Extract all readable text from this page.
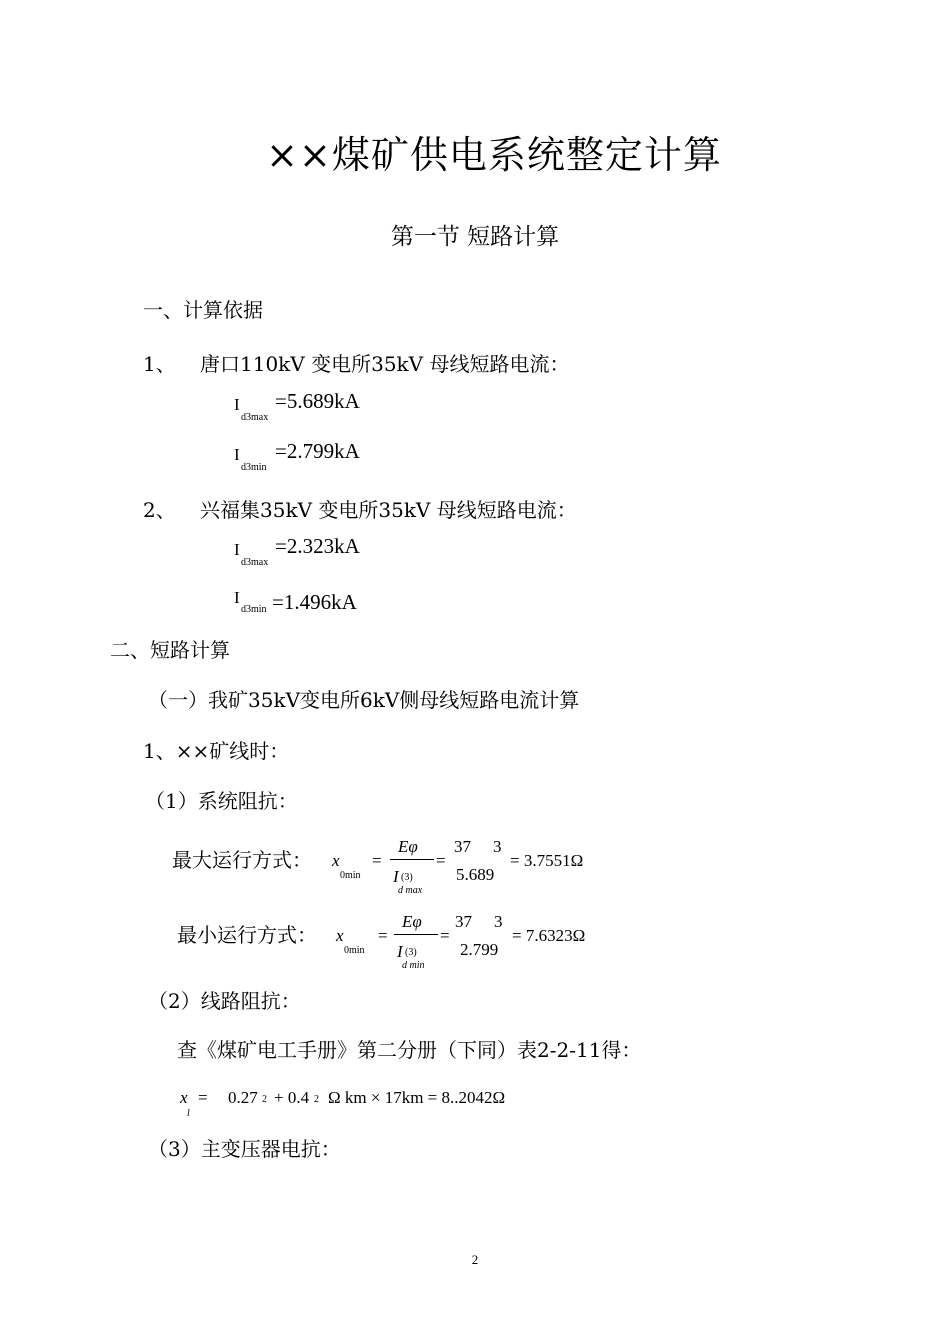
××煤矿供电系统整定计算
第一节 短路计算
一、计算依据
1、 唐口110kV 变电所35kV 母线短路电流：
I
d3max
=5.689kA
I
d3min
=2.799kA
2、 兴福集35kV 变电所35kV 母线短路电流：
I
d3max
=2.323kA
I
d3min =1.496kA
二、短路计算
（一）我矿35kV变电所6kV侧母线短路电流计算
1、××矿线时：
（1）系统阻抗：
最大运行方式： x
0min
=
Eφ
I (3)
d max
=
37 3
5.689
= 3.7551Ω
最小运行方式： x
0min
=
Eφ
I (3)
d min
=
37 3
2.799
= 7.6323Ω
（2）线路阻抗：
查《煤矿电工手册》第二分册（下同）表2-2-11得：
x
l
= 0.27 2 + 0.4 2 Ω km × 17km = 8..2042Ω
（3）主变压器电抗：
2
